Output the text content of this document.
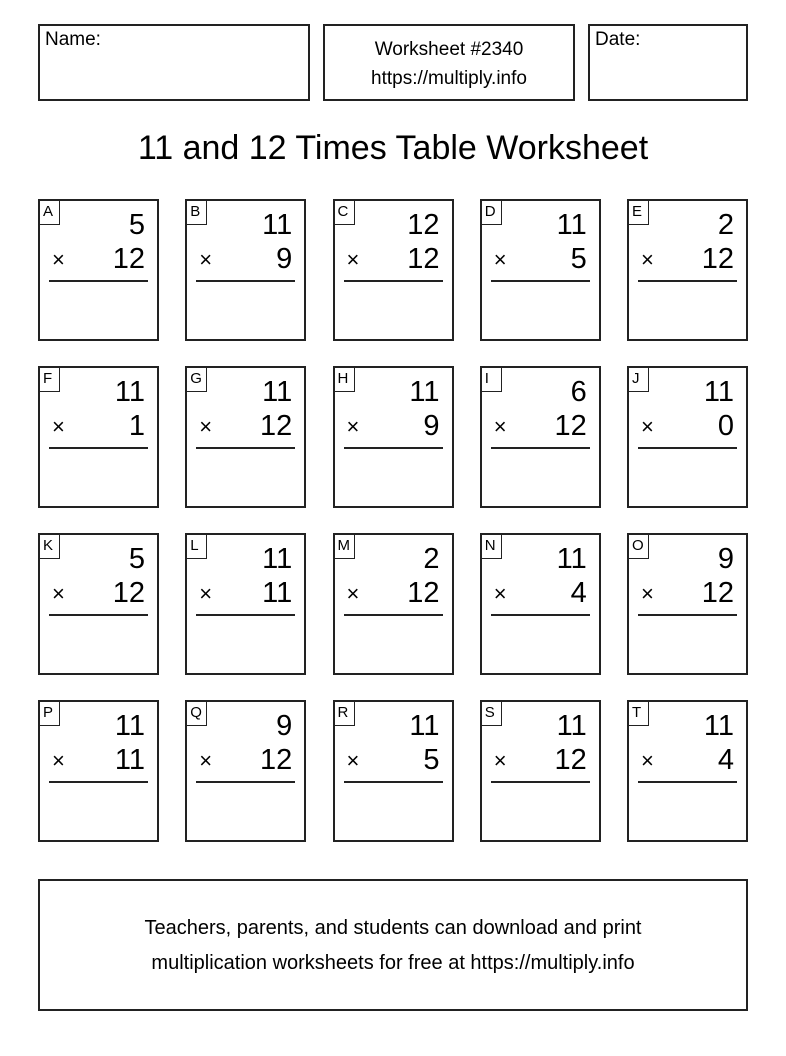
Name:	Worksheet #2340
https://multiply.info
Date:
11 and 12 Times Table Worksheet
A	5
× 12
B 11
× 9
C 12
× 12
D 11
× 5
E	2
× 12
F 11
× 1
G 11
× 12
H 11
× 9
I	6
× 12
J	11
× 0
K	5
× 12
L 11
× 11
M	2
× 12
N 11
× 4
O	9
× 12
P 11
× 11
Q	9
× 12
R 11
× 5
S 11
× 12
T 11
× 4
Teachers, parents, and students can download and print
multiplication worksheets for free at https://multiply.info
